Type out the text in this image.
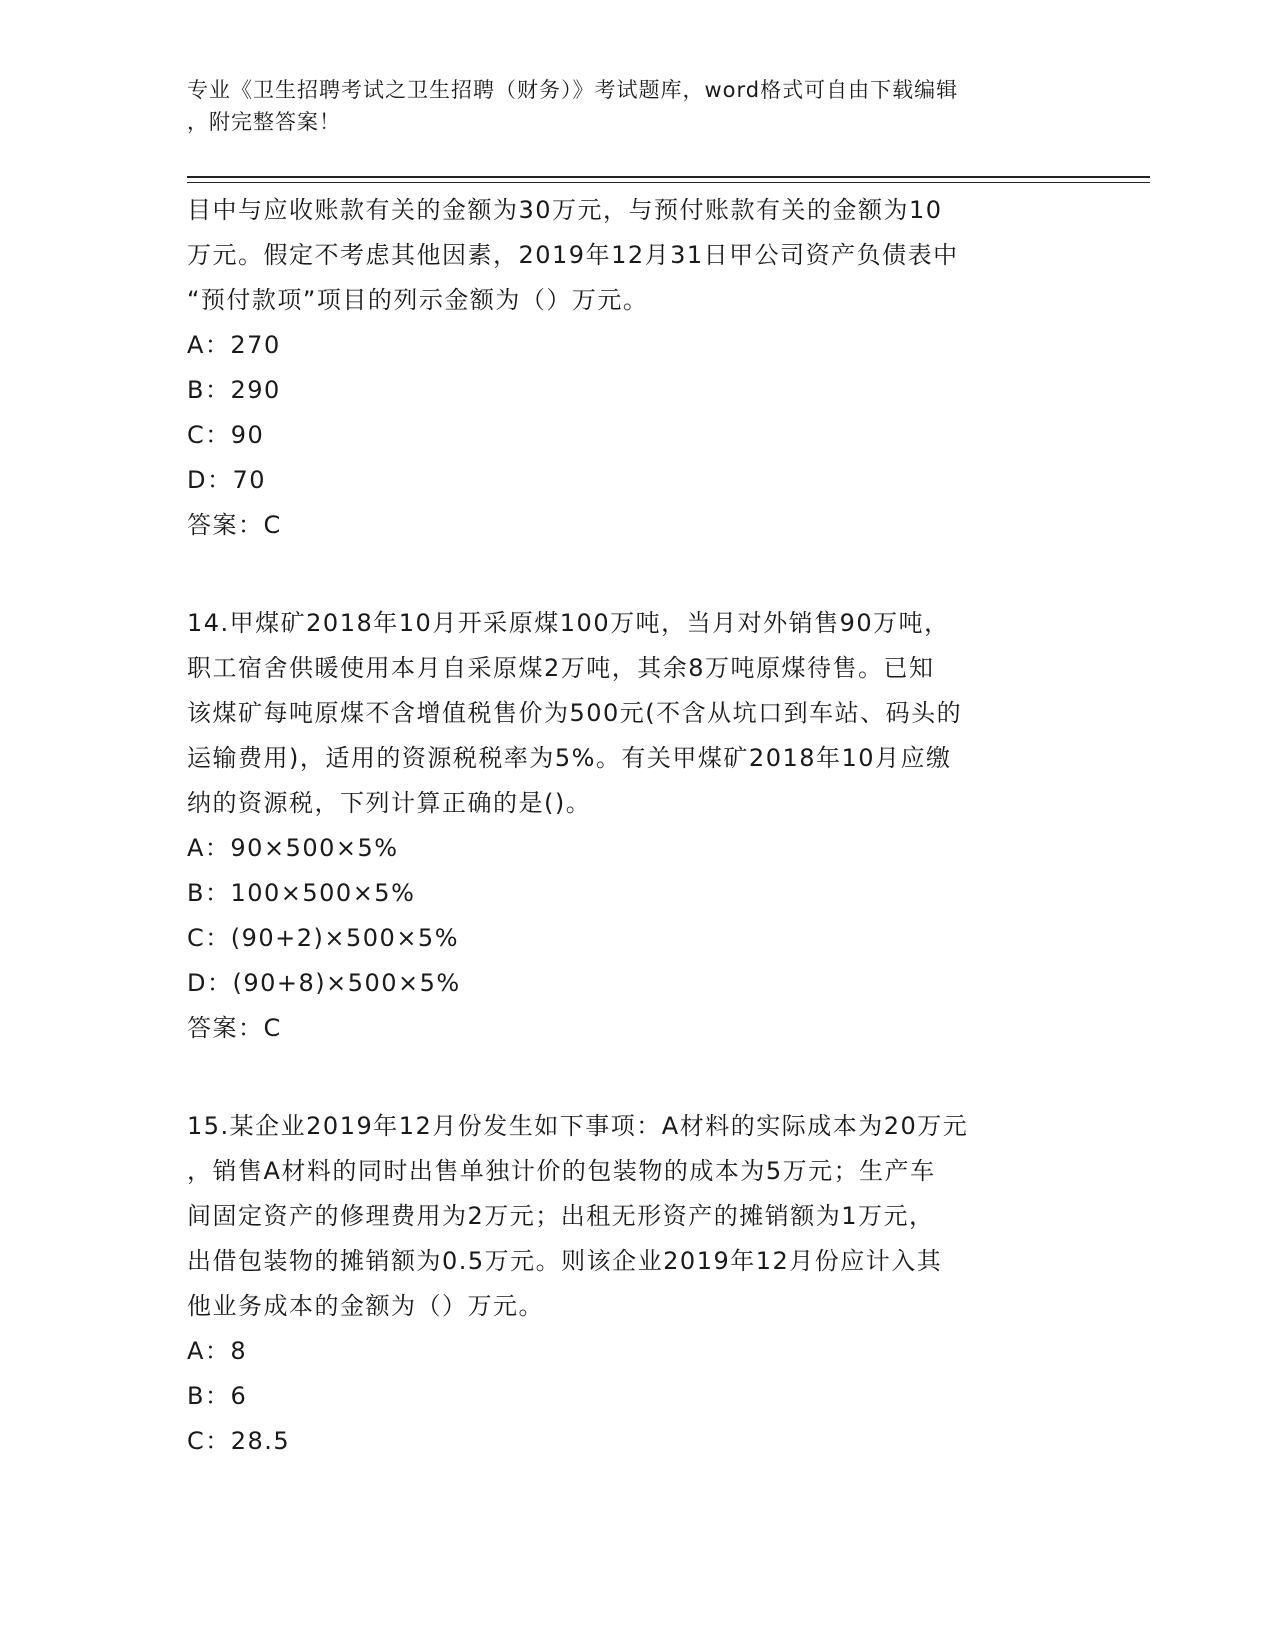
专业《卫生招聘考试之卫生招聘（财务）》考试题库，word格式可自由下载编辑
，附完整答案！

目中与应收账款有关的金额为30万元，与预付账款有关的金额为10

万元。假定不考虑其他因素，2019年12月31日甲公司资产负债表中

“预付款项”项目的列示金额为（）万元。

A：270

B：290

C：90

D：70

答案：C

14.甲煤矿2018年10月开采原煤100万吨，当月对外销售90万吨，

职工宿舍供暖使用本月自采原煤2万吨，其余8万吨原煤待售。已知

该煤矿每吨原煤不含增值税售价为500元(不含从坑口到车站、码头的

运输费用)，适用的资源税税率为5%。有关甲煤矿2018年10月应缴

纳的资源税，下列计算正确的是()。

A：90×500×5%

B：100×500×5%

C：(90+2)×500×5%

D：(90+8)×500×5%

答案：C

15.某企业2019年12月份发生如下事项：A材料的实际成本为20万元

，销售A材料的同时出售单独计价的包装物的成本为5万元；生产车

间固定资产的修理费用为2万元；出租无形资产的摊销额为1万元，

出借包装物的摊销额为0.5万元。则该企业2019年12月份应计入其

他业务成本的金额为（）万元。

A：8

B：6

C：28.5
